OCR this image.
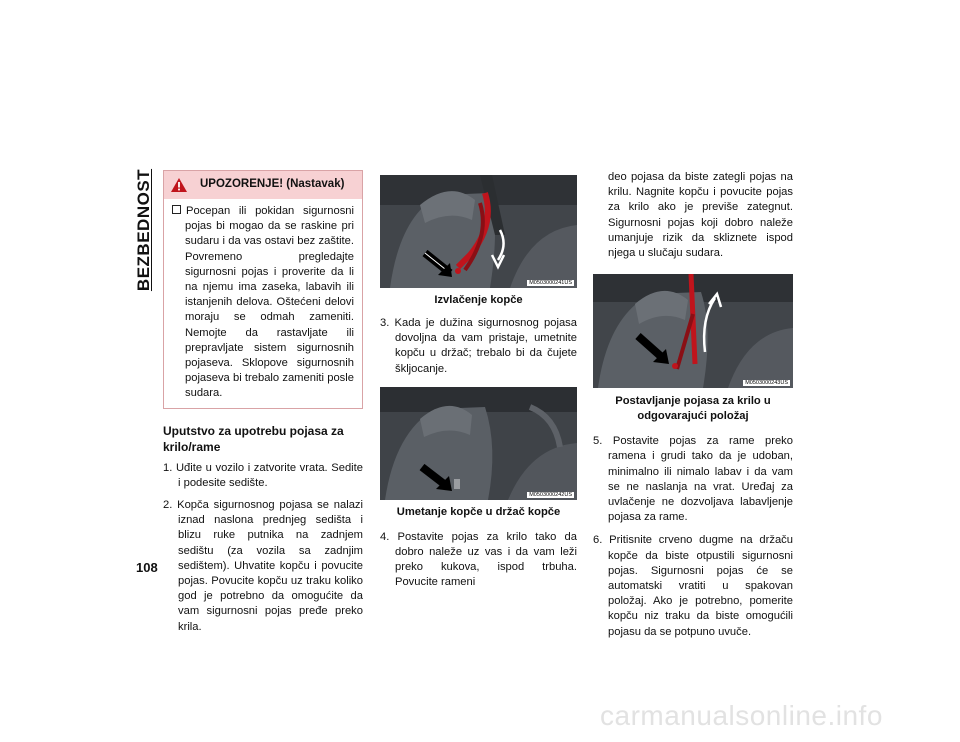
BEZBEDNOST
108
UPOZORENJE! (Nastavak)
Pocepan ili pokidan sigurnosni pojas bi mogao da se raskine pri sudaru i da vas ostavi bez zaštite. Povremeno pregledajte sigurnosni pojas i proverite da li na njemu ima zaseka, labavih ili istanjenih delova. Oštećeni delovi moraju se odmah zameniti. Nemojte da rastavljate ili prepravljate sistem sigurnosnih pojaseva. Sklopove sigurnosnih pojaseva bi trebalo zameniti posle sudara.
Uputstvo za upotrebu pojasa za krilo/rame
1. Uđite u vozilo i zatvorite vrata. Sedite i podesite sedište.
2. Kopča sigurnosnog pojasa se nalazi iznad naslona prednjeg sedišta i blizu ruke putnika na zadnjem sedištu (za vozila sa zadnjim sedištem). Uhvatite kopču i povucite pojas. Povucite kopču uz traku koliko god je potrebno da omogućite da vam sigurnosni pojas pređe preko krila.
M0503000241US
Izvlačenje kopče
3. Kada je dužina sigurnosnog pojasa dovoljna da vam pristaje, umetnite kopču u držač; trebalo bi da čujete šklјocanje.
M0503000242US
Umetanje kopče u držač kopče
4. Postavite pojas za krilo tako da dobro naleže uz vas i da vam leži preko kukova, ispod trbuha. Povucite rameni
deo pojasa da biste zategli pojas na krilu. Nagnite kopču i povucite pojas za krilo ako je previše zategnut. Sigurnosni pojas koji dobro naleže umanjuje rizik da skliznete ispod njega u slučaju sudara.
M0503000243US
Postavljanje pojasa za krilo u odgovarajući položaj
5. Postavite pojas za rame preko ramena i grudi tako da je udoban, minimalno ili nimalo labav i da vam se ne naslanja na vrat. Uređaj za uvlačenje ne dozvoljava labavljenje pojasa za rame.
6. Pritisnite crveno dugme na držaču kopče da biste otpustili sigurnosni pojas. Sigurnosni pojas će se automatski vratiti u spakovan položaj. Ako je potrebno, pomerite kopču niz traku da biste omogućili pojasu da se potpuno uvuče.
carmanualsonline.info
